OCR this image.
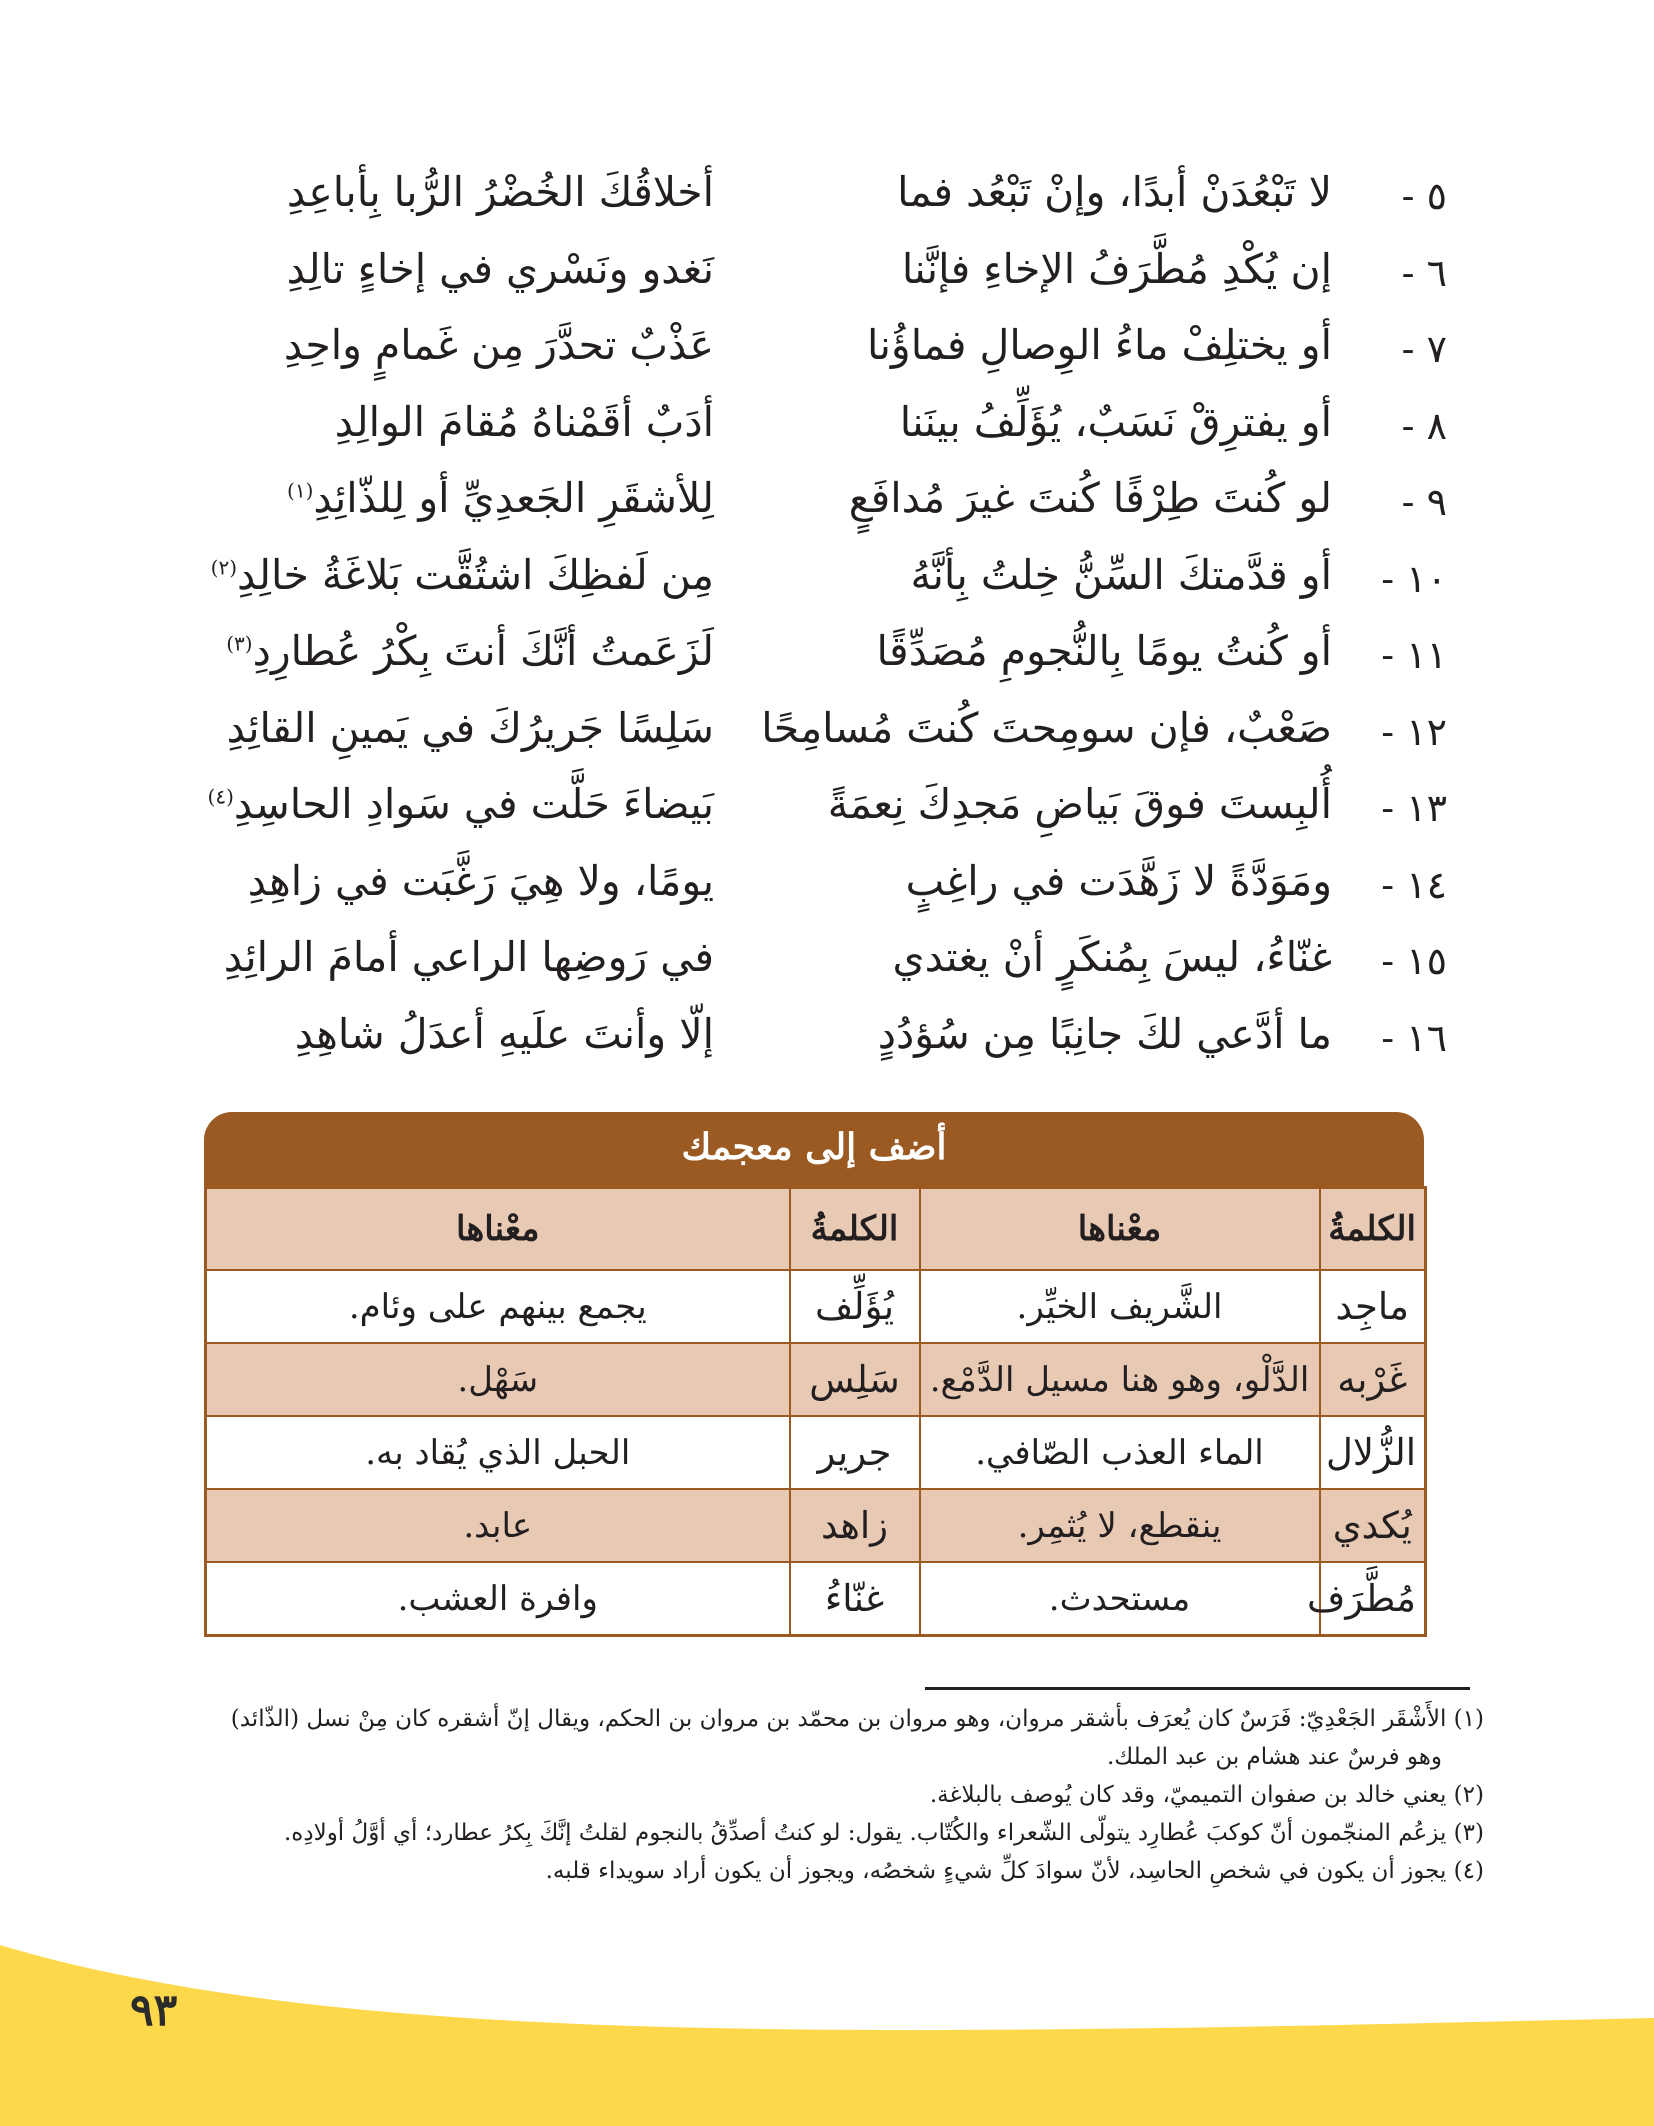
٥ -
لا تَبْعُدَنْ أبدًا، وإنْ تَبْعُد فما
أخلاقُكَ الخُضْرُ الرُّبا بِأباعِدِ
٦ -
إن يُكْدِ مُطَّرَفُ الإخاءِ فإنَّنا
نَغدو ونَسْري في إخاءٍ تالِدِ
٧ -
أو يختلِفْ ماءُ الوِصالِ فماؤُنا
عَذْبٌ تحدَّرَ مِن غَمامٍ واحِدِ
٨ -
أو يفترِقْ نَسَبٌ، يُؤَلِّفُ بينَنا
أدَبٌ أقَمْناهُ مُقامَ الوالِدِ
٩ -
لو كُنتَ طِرْفًا كُنتَ غيرَ مُدافَعٍ
لِلأشقَرِ الجَعدِيِّ أو لِلذّائِدِ$^{(١)}$
١٠ -
أو قدَّمتكَ السِّنُّ خِلتُ بِأنَّهُ
مِن لَفظِكَ اشتُقَّت بَلاغَةُ خالِدِ$^{(٢)}$
١١ -
أو كُنتُ يومًا بِالنُّجومِ مُصَدِّقًا
لَزَعَمتُ أنَّكَ أنتَ بِكْرُ عُطارِدِ$^{(٣)}$
١٢ -
صَعْبٌ، فإن سومِحتَ كُنتَ مُسامِحًا
سَلِسًا جَريرُكَ في يَمينِ القائِدِ
١٣ -
أُلبِستَ فوقَ بَياضِ مَجدِكَ نِعمَةً
بَيضاءَ حَلَّت في سَوادِ الحاسِدِ$^{(٤)}$
١٤ -
ومَوَدَّةً لا زَهَّدَت في راغِبٍ
يومًا، ولا هِيَ رَغَّبَت في زاهِدِ
١٥ -
غنّاءُ، ليسَ بِمُنكَرٍ أنْ يغتدي
في رَوضِها الراعي أمامَ الرائِدِ
١٦ -
ما أدَّعي لكَ جانِبًا مِن سُؤدُدٍ
إلّا وأنتَ علَيهِ أعدَلُ شاهِدِ
أضف إلى معجمك
الكلمةُ	معْناها	الكلمةُ	معْناها
ماجِد	الشَّريف الخيِّر.	يُؤَلِّف	يجمع بينهم على وئام.
غَرْبه	الدَّلْو، وهو هنا مسيل الدَّمْع.	سَلِس	سَهْل.
الزُّلال	الماء العذب الصّافي.	جرير	الحبل الذي يُقاد به.
يُكدي	ينقطع، لا يُثمِر.	زاهد	عابد.
مُطَّرَف	مستحدث.	غنّاءُ	وافرة العشب.

(١) الأَشْقَر الجَعْدِيّ: فَرَسٌ كان يُعرَف بأشقر مروان، وهو مروان بن محمّد بن مروان بن الحكم، ويقال إنّ أشقره كان مِنْ نسل (الذّائد)

وهو فرسٌ عند هشام بن عبد الملك.

(٢) يعني خالد بن صفوان التميميّ، وقد كان يُوصف بالبلاغة.

(٣) يزعُم المنجّمون أنّ كوكبَ عُطارِد يتولّى الشّعراء والكُتّاب. يقول: لو كنتُ أصدِّقُ بالنجوم لقلتُ إنَّكَ بِكرُ عطارد؛ أي أوَّلُ أولادِه.

(٤) يجوز أن يكون في شخصِ الحاسِد، لأنّ سوادَ كلِّ شيءٍ شخصُه، ويجوز أن يكون أراد سويداء قلبه.

٩٣
